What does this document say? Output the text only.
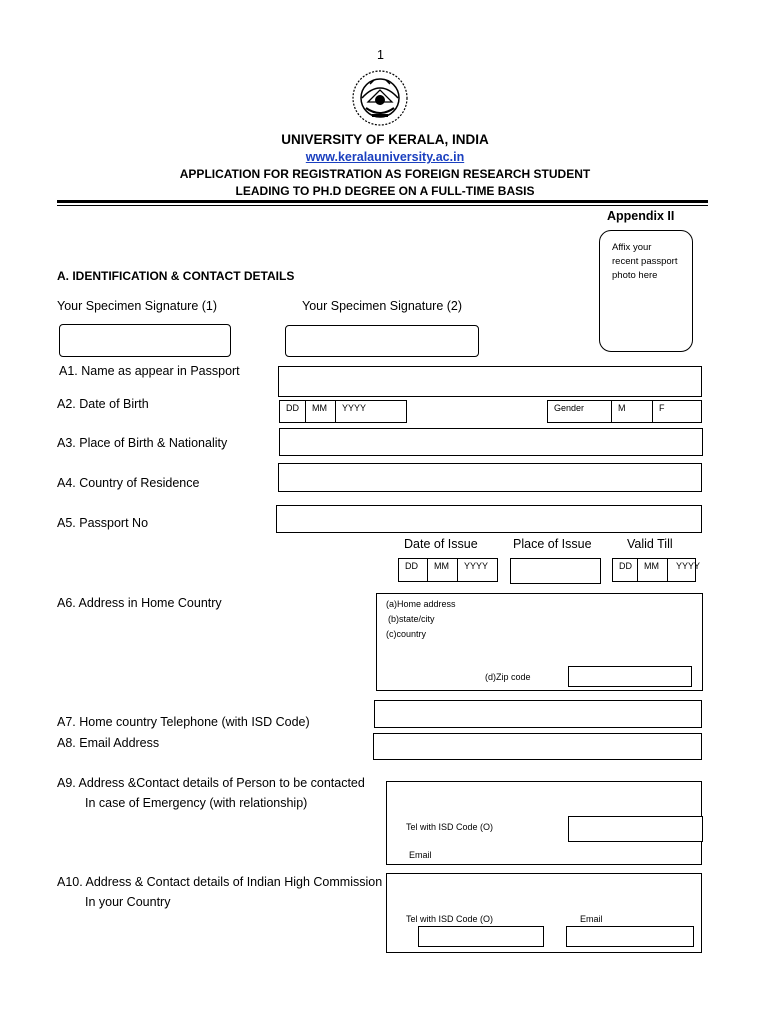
1
UNIVERSITY OF KERALA, INDIA
www.keralauniversity.ac.in
APPLICATION FOR REGISTRATION AS FOREIGN RESEARCH STUDENT
LEADING TO PH.D DEGREE ON A FULL-TIME BASIS
Appendix II
Affix your
recent passport
photo here
A. IDENTIFICATION & CONTACT DETAILS
Your Specimen Signature (1)	Your Specimen Signature (2)
A1. Name as appear in Passport
A2. Date of Birth	DD	MM	YYYY	Gender	M	F
A3. Place of Birth & Nationality
A4. Country of Residence
A5. Passport No
Date of Issue	Place of Issue	Valid Till
DD	MM	YYYY	DD	MM	YYYY
A6. Address in Home Country	(a)Home address
(b)state/city
(c)country
(d)Zip code
A7. Home country Telephone (with ISD Code)
A8. Email Address
A9. Address &Contact details of Person to be contacted
In case of Emergency (with relationship)
Tel with ISD Code (O)
Email
A10. Address & Contact details of Indian High Commission
In your Country
Tel with ISD Code (O)	Email
